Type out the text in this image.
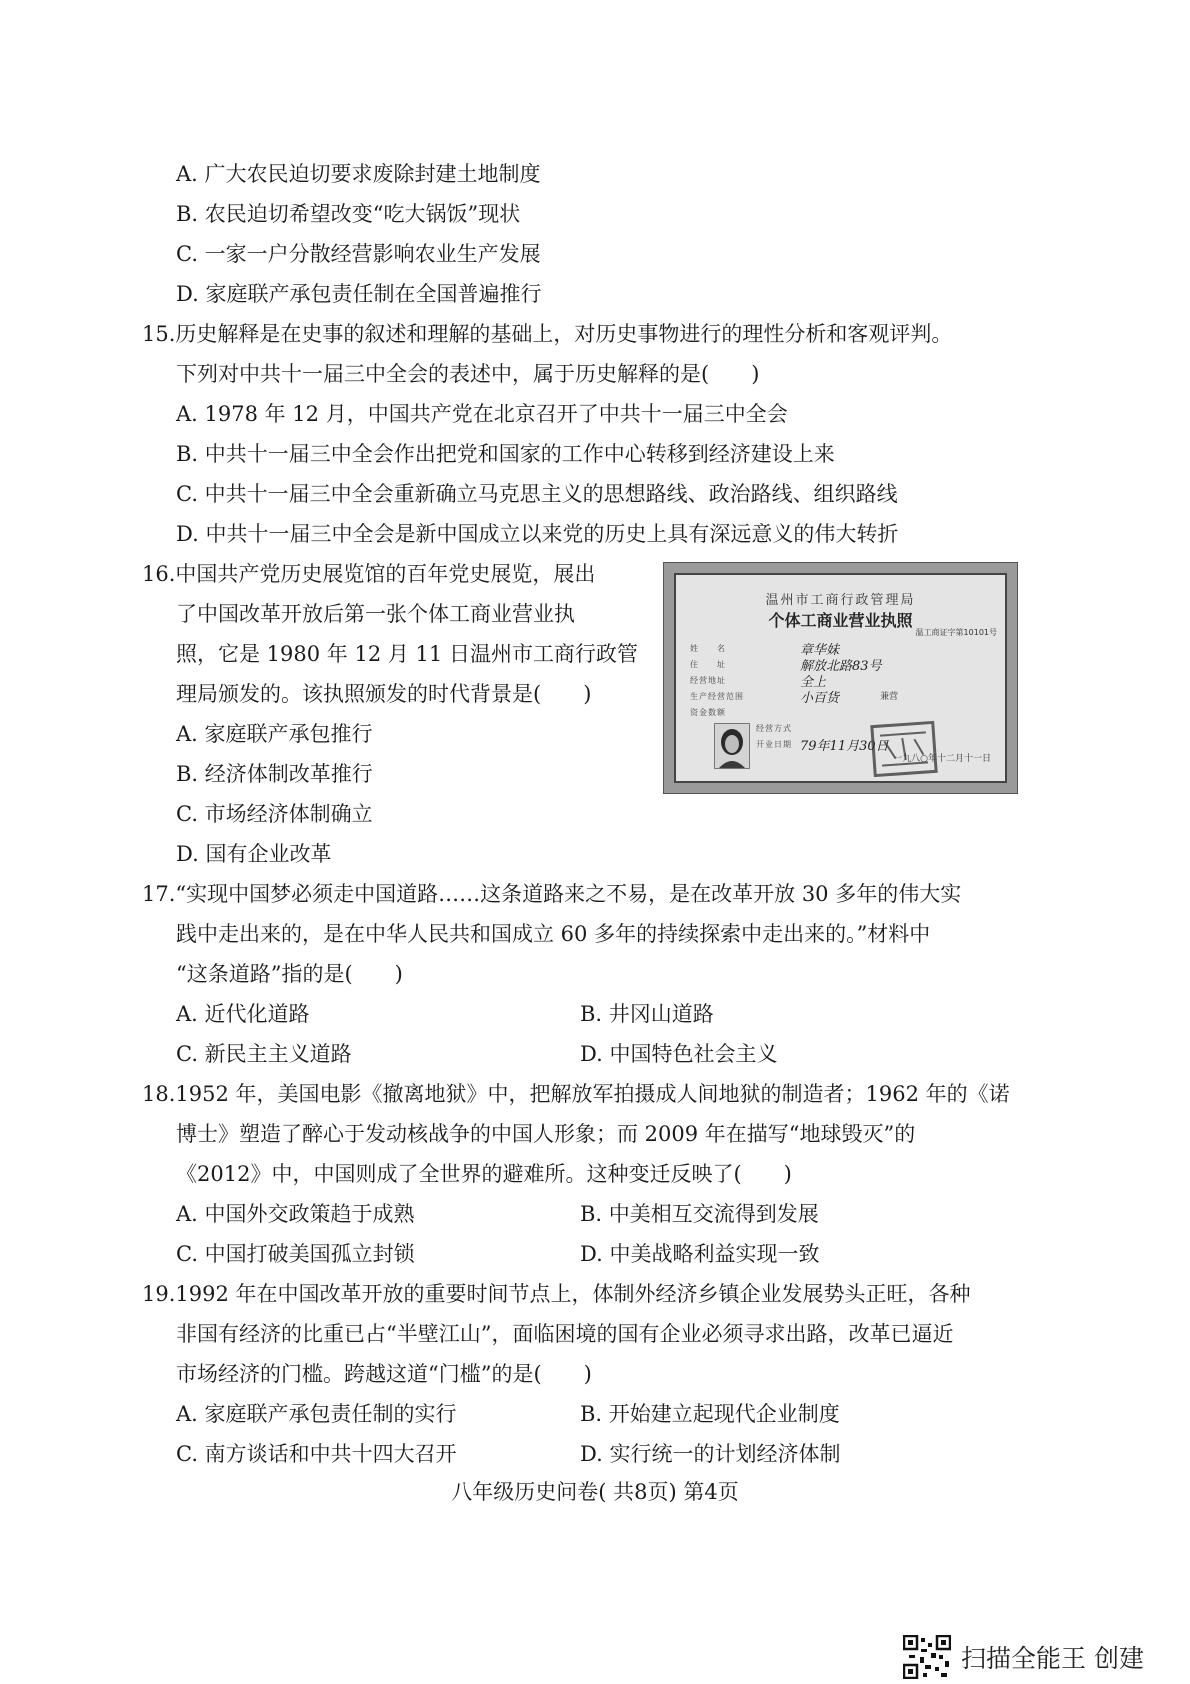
A. 广大农民迫切要求废除封建土地制度
B. 农民迫切希望改变“吃大锅饭”现状
C. 一家一户分散经营影响农业生产发展
D. 家庭联产承包责任制在全国普遍推行
15.历史解释是在史事的叙述和理解的基础上，对历史事物进行的理性分析和客观评判。
下列对中共十一届三中全会的表述中，属于历史解释的是(　　)
A. 1978 年 12 月，中国共产党在北京召开了中共十一届三中全会
B. 中共十一届三中全会作出把党和国家的工作中心转移到经济建设上来
C. 中共十一届三中全会重新确立马克思主义的思想路线、政治路线、组织路线
D. 中共十一届三中全会是新中国成立以来党的历史上具有深远意义的伟大转折
16.中国共产党历史展览馆的百年党史展览，展出
了中国改革开放后第一张个体工商业营业执
照，它是 1980 年 12 月 11 日温州市工商行政管
理局颁发的。该执照颁发的时代背景是(　　)
A. 家庭联产承包推行
B. 经济体制改革推行
C. 市场经济体制确立
D. 国有企业改革
温州市工商行政管理局
个体工商业营业执照
温工商证字第10101号
姓　　名	章华妹
住　　址	解放北路83号
经营地址	全上
生产经营范围	小百货	兼营
资金数额
经营方式
开业日期 79年11月30日
一九八○年十二月十一日
17.“实现中国梦必须走中国道路……这条道路来之不易，是在改革开放 30 多年的伟大实
践中走出来的，是在中华人民共和国成立 60 多年的持续探索中走出来的。”材料中
“这条道路”指的是(　　)
A. 近代化道路	B. 井冈山道路
C. 新民主主义道路	D. 中国特色社会主义
18.1952 年，美国电影《撤离地狱》中，把解放军拍摄成人间地狱的制造者；1962 年的《诺
博士》塑造了醉心于发动核战争的中国人形象；而 2009 年在描写“地球毁灭”的
《2012》中，中国则成了全世界的避难所。这种变迁反映了(　　)
A. 中国外交政策趋于成熟	B. 中美相互交流得到发展
C. 中国打破美国孤立封锁	D. 中美战略利益实现一致
19.1992 年在中国改革开放的重要时间节点上，体制外经济乡镇企业发展势头正旺，各种
非国有经济的比重已占“半壁江山”，面临困境的国有企业必须寻求出路，改革已逼近
市场经济的门槛。跨越这道“门槛”的是(　　)
A. 家庭联产承包责任制的实行	B. 开始建立起现代企业制度
C. 南方谈话和中共十四大召开	D. 实行统一的计划经济体制
八年级历史问卷( 共8页) 第4页
扫描全能王 创建
